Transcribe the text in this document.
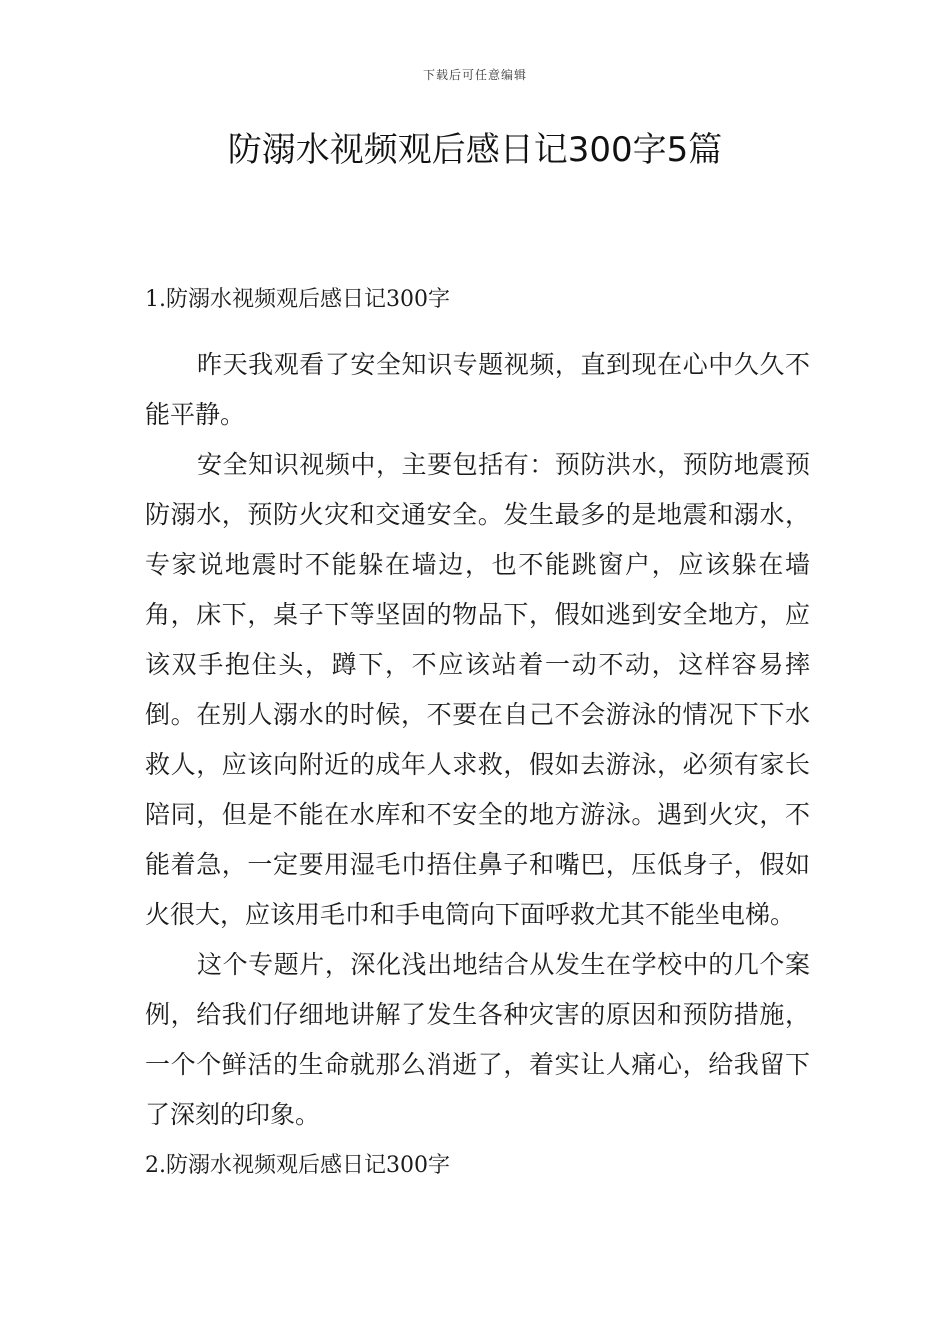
下载后可任意编辑
防溺水视频观后感日记300字5篇
1.防溺水视频观后感日记300字

昨天我观看了安全知识专题视频，直到现在心中久久不能平静。

安全知识视频中，主要包括有：预防洪水，预防地震预防溺水，预防火灾和交通安全。发生最多的是地震和溺水，专家说地震时不能躲在墙边，也不能跳窗户，应该躲在墙角，床下，桌子下等坚固的物品下，假如逃到安全地方，应该双手抱住头，蹲下，不应该站着一动不动，这样容易摔倒。在别人溺水的时候，不要在自己不会游泳的情况下下水救人，应该向附近的成年人求救，假如去游泳，必须有家长陪同，但是不能在水库和不安全的地方游泳。遇到火灾，不能着急，一定要用湿毛巾捂住鼻子和嘴巴，压低身子，假如火很大，应该用毛巾和手电筒向下面呼救尤其不能坐电梯。

这个专题片，深化浅出地结合从发生在学校中的几个案例，给我们仔细地讲解了发生各种灾害的原因和预防措施，一个个鲜活的生命就那么消逝了，着实让人痛心，给我留下了深刻的印象。

2.防溺水视频观后感日记300字
